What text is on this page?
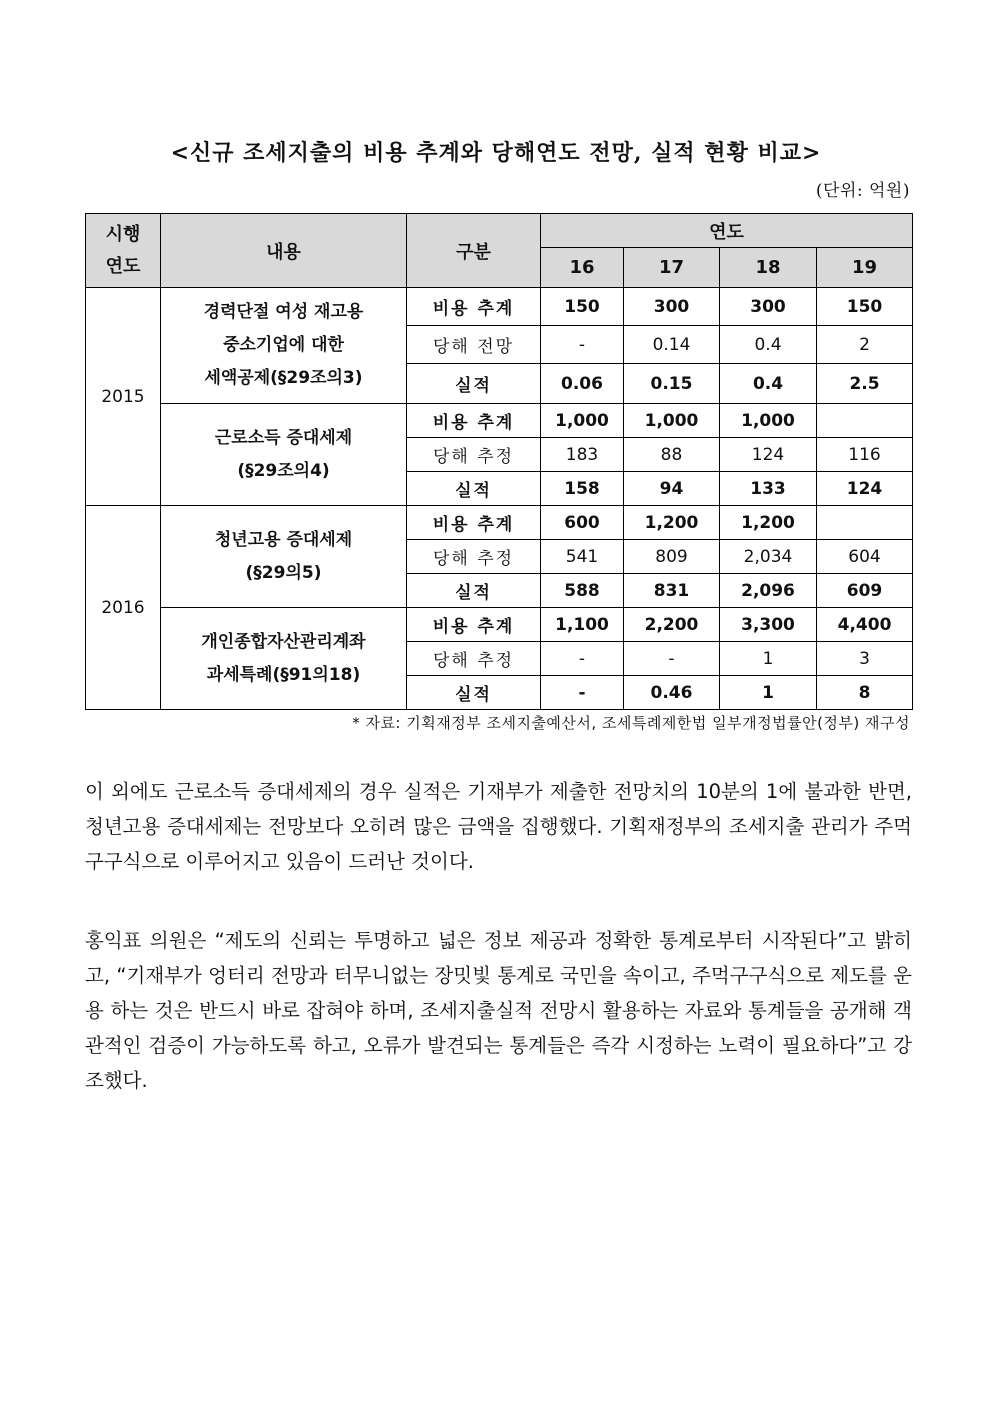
<신규 조세지출의 비용 추계와 당해연도 전망, 실적 현황 비교>
(단위: 억원)
시행
연도	내용	구분	연도			
			16	17	18	19
2015	경력단절 여성 재고용
중소기업에 대한
세액공제(§29조의3)	비용 추계	150	300	300	150
		당해 전망	-	0.14	0.4	2
		실적	0.06	0.15	0.4	2.5

	근로소득 증대세제
(§29조의4)	비용 추계	1,000	1,000	1,000	
		당해 추정	183	88	124	116
		실적	158	94	133	124
2016	청년고용 증대세제
(§29의5)	비용 추계	600	1,200	1,200	
		당해 추정	541	809	2,034	604
		실적	588	831	2,096	609

	개인종합자산관리계좌
과세특례(§91의18)	비용 추계	1,100	2,200	3,300	4,400
		당해 추정	-	-	1	3
		실적	-	0.46	1	8
* 자료: 기획재정부 조세지출예산서, 조세특례제한법 일부개정법률안(정부) 재구성
이 외에도 근로소득 증대세제의 경우 실적은 기재부가 제출한 전망치의 10분의 1에 불과한 반면, 청년고용 증대세제는 전망보다 오히려 많은 금액을 집행했다. 기획재정부의 조세지출 관리가 주먹구구식으로 이루어지고 있음이 드러난 것이다.
홍익표 의원은 “제도의 신뢰는 투명하고 넓은 정보 제공과 정확한 통계로부터 시작된다”고 밝히고, “기재부가 엉터리 전망과 터무니없는 장밋빛 통계로 국민을 속이고, 주먹구구식으로 제도를 운용 하는 것은 반드시 바로 잡혀야 하며, 조세지출실적 전망시 활용하는 자료와 통계들을 공개해 객관적인 검증이 가능하도록 하고, 오류가 발견되는 통계들은 즉각 시정하는 노력이 필요하다”고 강조했다.
